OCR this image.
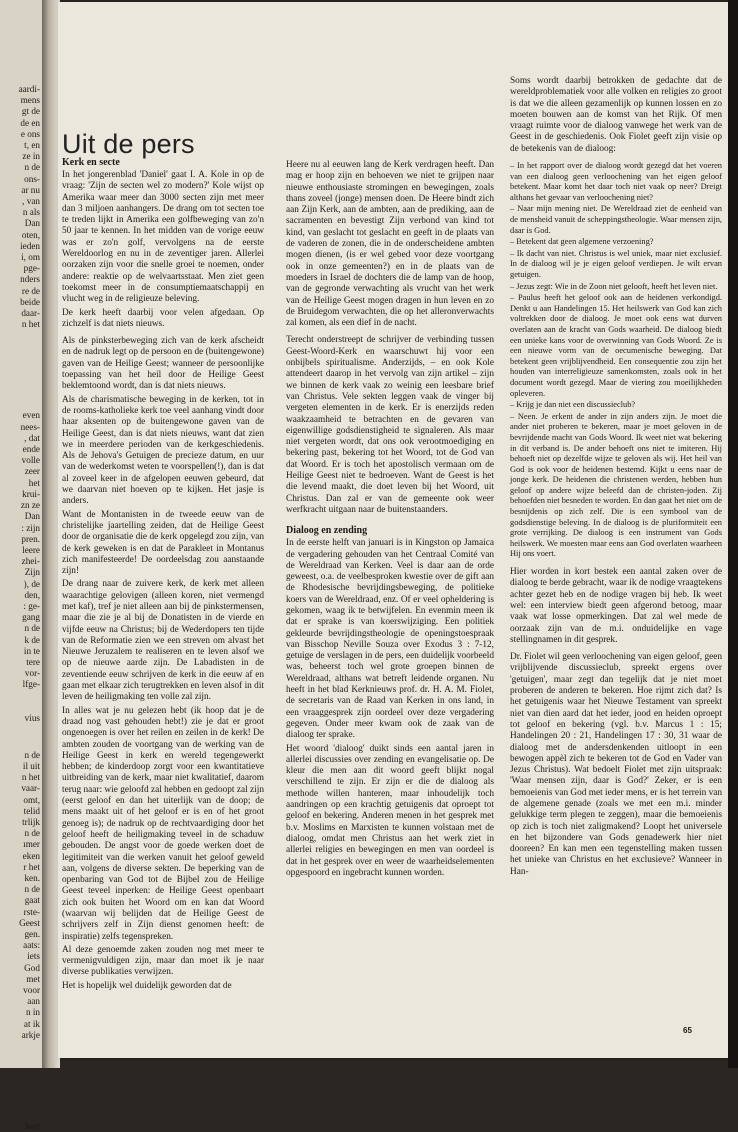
aardi-
mens
gt de
de en
e ons
t, en
ze in
n de
ons-
ar nu
, van
n als
Dan
oten,
ieden
i, om
pge-
nders
re de
beide
daar-
n het
even
nees-
, dat
ende
volle
zeer
het
krui-
zn ze
Dan
: zijn
pren.
leere
zhei-
Zijn
), de
den,
: ge-
gang
n de
k de
in te
tere
vor-
lfge-
vius
n de
il uit
n het
vaar-
omt,
telid
trlijk
n de
ımer
eken
r het
ken.
n de
gaat
rste-
Geest
gen.
aats:
iets
God
met
voor
aan
n in
at ik
arkje
3oer
Uit de pers
Kerk en secte

In het jongerenblad 'Daniel' gaat I. A. Kole in op de vraag: 'Zijn de secten wel zo modern?' Kole wijst op Amerika waar meer dan 3000 secten zijn met meer dan 3 miljoen aanhangers. De drang om tot secten toe te treden lijkt in Amerika een golfbeweging van zo'n 50 jaar te kennen. In het midden van de vorige eeuw was er zo'n golf, vervolgens na de eerste Wereldoorlog en nu in de zeventiger jaren. Allerlei oorzaken zijn voor die snelle groei te noemen, onder andere: reaktie op de welvaartsstaat. Men ziet geen toekomst meer in de consumptiemaatschappij en vlucht weg in de religieuze beleving.

De kerk heeft daarbij voor velen afgedaan. Op zichzelf is dat niets nieuws.

Als de pinksterbeweging zich van de kerk afscheidt en de nadruk legt op de persoon en de (buitengewone) gaven van de Heilige Geest; wanneer de persoonlijke toepassing van het heil door de Heilige Geest beklemtoond wordt, dan is dat niets nieuws.

Als de charismatische beweging in de kerken, tot in de rooms-katholieke kerk toe veel aanhang vindt door haar aksenten op de buitengewone gaven van de Heilige Geest, dan is dat niets nieuws, want dat zien we in meerdere perioden van de kerkgeschiedenis. Als de Jehova's Getuigen de precieze datum, en uur van de wederkomst weten te voorspellen(!), dan is dat al zoveel keer in de afgelopen eeuwen gebeurd, dat we daarvan niet hoeven op te kijken. Het jasje is anders.

Want de Montanisten in de tweede eeuw van de christelijke jaartelling zeiden, dat de Heilige Geest door de organisatie die de kerk opgelegd zou zijn, van de kerk geweken is en dat de Parakleet in Montanus zich manifesteerde! De oordeelsdag zou aanstaande zijn!

De drang naar de zuivere kerk, de kerk met alleen waarachtige gelovigen (alleen koren, niet vermengd met kaf), tref je niet alleen aan bij de pinkstermensen, maar die zie je al bij de Donatisten in de vierde en vijfde eeuw na Christus; bij de Wederdopers ten tijde van de Reformatie zien we een streven om alvast het Nieuwe Jeruzalem te realiseren en te leven alsof we op de nieuwe aarde zijn. De Labadisten in de zeventiende eeuw schrijven de kerk in die eeuw af en gaan met elkaar zich terugtrekken en leven alsof in dit leven de heiligmaking ten volle zal zijn.

In alles wat je nu gelezen hebt (ik hoop dat je de draad nog vast gehouden hebt!) zie je dat er groot ongenoegen is over het reilen en zeilen in de kerk! De ambten zouden de voortgang van de werking van de Heilige Geest in kerk en wereld tegengewerkt hebben; de kinderdoop zorgt voor een kwantitatieve uitbreiding van de kerk, maar niet kwalitatief, daarom terug naar: wie geloofd zal hebben en gedoopt zal zijn (eerst geloof en dan het uiterlijk van de doop; de mens maakt uit of het geloof er is en of het groot genoeg is); de nadruk op de rechtvaardiging door het geloof heeft de heiligmaking teveel in de schaduw gebouden. De angst voor de goede werken doet de legitimiteit van die werken vanuit het geloof geweld aan, volgens de diverse sekten. De beperking van de openbaring van God tot de Bijbel zou de Heilige Geest teveel inperken: de Heilige Geest openbaart zich ook buiten het Woord om en kan dat Woord (waarvan wij belijden dat de Heilige Geest de schrijvers zelf in Zijn dienst genomen heeft: de inspiratie) zelfs tegenspreken.

Al deze genoemde zaken zouden nog met meer te vermenigvuldigen zijn, maar dan moet ik je naar diverse publikaties verwijzen.

Het is hopelijk wel duidelijk geworden dat de

Heere nu al eeuwen lang de Kerk verdragen heeft. Dan mag er hoop zijn en behoeven we niet te grijpen naar nieuwe enthousiaste stromingen en bewegingen, zoals thans zoveel (jonge) mensen doen. De Heere bindt zich aan Zijn Kerk, aan de ambten, aan de prediking, aan de sacramenten en bevestigt Zijn verbond van kind tot kind, van geslacht tot geslacht en geeft in de plaats van de vaderen de zonen, die in de onderscheidene ambten mogen dienen, (is er wel gebed voor deze voortgang ook in onze gemeenten?) en in de plaats van de moeders in Israel de dochters die de lamp van de hoop, van de gegronde verwachting als vrucht van het werk van de Heilige Geest mogen dragen in hun leven en zo de Bruidegom verwachten, die op het alleronverwachts zal komen, als een dief in de nacht.

Terecht onderstreept de schrijver de verbinding tussen Geest-Woord-Kerk en waarschuwt hij voor een onbijbels spiritualisme. Anderzijds, – en ook Kole attendeert daarop in het vervolg van zijn artikel – zijn we binnen de kerk vaak zo weinig een leesbare brief van Christus. Vele sekten leggen vaak de vinger bij vergeten elementen in de kerk. Er is enerzijds reden waakzaamheid te betrachten en de gevaren van eigenwillige godsdienstigheid te signaleren. Als maar niet vergeten wordt, dat ons ook verootmoediging en bekering past, bekering tot het Woord, tot de God van dat Woord. Er is toch het apostolisch vermaan om de Heilige Geest niet te bedroeven. Want de Geest is het die levend maakt, die doet leven bij het Woord, uit Christus. Dan zal er van de gemeente ook weer werfkracht uitgaan naar de buitenstaanders.

Dialoog en zending

In de eerste helft van januari is in Kingston op Jamaica de vergadering gehouden van het Centraal Comité van de Wereldraad van Kerken. Veel is daar aan de orde geweest, o.a. de veelbesproken kwestie over de gift aan de Rhodesische bevrijdingsbeweging, de politieke koers van de Wereldraad, enz. Of er veel opheldering is gekomen, waag ik te betwijfelen. En evenmin meen ik dat er sprake is van koerswijziging. Een politiek gekleurde bevrijdingstheologie de openingstoespraak van Bisschop Neville Souza over Exodus 3 : 7-12, getuige de verslagen in de pers, een duidelijk voorbeeld was, beheerst toch wel grote groepen binnen de Wereldraad, althans wat betreft leidende organen. Nu heeft in het blad Kerknieuws prof. dr. H. A. M. Fiolet, de secretaris van de Raad van Kerken in ons land, in een vraaggesprek zijn oordeel over deze vergadering gegeven. Onder meer kwam ook de zaak van de dialoog ter sprake.

Het woord 'dialoog' duikt sinds een aantal jaren in allerlei discussies over zending en evangelisatie op. De kleur die men aan dit woord geeft blijkt nogal verschillend te zijn. Er zijn er die de dialoog als methode willen hanteren, maar inhoudelijk toch aandringen op een krachtig getuigenis dat oproept tot geloof en bekering. Anderen menen in het gesprek met b.v. Moslims en Marxisten te kunnen volstaan met de dialoog, omdat men Christus aan het werk ziet in allerlei religies en bewegingen en men van oordeel is dat in het gesprek over en weer de waarheidselementen opgespoord en ingebracht kunnen worden.

Soms wordt daarbij betrokken de gedachte dat de wereldproblematiek voor alle volken en religies zo groot is dat we die alleen gezamenlijk op kunnen lossen en zo moeten bouwen aan de komst van het Rijk. Of men vraagt ruimte voor de dialoog vanwege het werk van de Geest in de geschiedenis. Ook Fiolet geeft zijn visie op de betekenis van de dialoog:

– In het rapport over de dialoog wordt gezegd dat het voeren van een dialoog geen verloochening van het eigen geloof betekent. Maar komt het daar toch niet vaak op neer? Dreigt althans het gevaar van verloochening niet?

– Naar mijn mening niet. De Wereldraad ziet de eenheid van de mensheid vanuit de scheppingstheologie. Waar mensen zijn, daar is God.

– Betekent dat geen algemene verzoening?

– Ik dacht van niet. Christus is wel uniek, maar niet exclusief. In de dialoog wil je je eigen geloof verdiepen. Je wilt ervan getuigen.

– Jezus zegt: Wie in de Zoon niet gelooft, heeft het leven niet.

– Paulus heeft het geloof ook aan de heidenen verkondigd. Denkt u aan Handelingen 15. Het heilswerk van God kan zich voltrekken door de dialoog. Je moet ook eens wat durven overlaten aan de kracht van Gods waarheid. De dialoog biedt een unieke kans voor de overwinning van Gods Woord. Ze is een nieuwe vorm van de oecumenische beweging. Dat betekent geen vrijblijvendheid. Een consequentie zou zijn het houden van interreligieuze samenkomsten, zoals ook in het document wordt gezegd. Maar de viering zou moeilijkheden opleveren.

– Krijg je dan niet een discussieclub?

– Neen. Je erkent de ander in zijn anders zijn. Je moet die ander niet proberen te bekeren, maar je moet geloven in de bevrijdende macht van Gods Woord. Ik weet niet wat bekering in dit verband is. De ander behoeft ons niet te imiteren. Hij behoeft niet op dezelfde wijze te geloven als wij. Het heil van God is ook voor de heidenen bestemd. Kijkt u eens naar de jonge kerk. De heidenen die christenen werden, hebben hun geloof op andere wijze beleefd dan de christen-joden. Zij behoefden niet besneden te worden. En dan gaat het niet om de besnijdenis op zich zelf. Die is een symbool van de godsdienstige beleving. In de dialoog is de pluriformiteit een grote verrijking. De dialoog is een instrument van Gods heilswerk. We moesten maar eens aan God overlaten waarheen Hij ons voert.

Hier worden in kort bestek een aantal zaken over de dialoog te berde gebracht, waar ik de nodige vraagtekens achter gezet heb en de nodige vragen bij heb. Ik weet wel: een interview biedt geen afgerond betoog, maar vaak wat losse opmerkingen. Dat zal wel mede de oorzaak zijn van de m.i. onduidelijke en vage stellingnamen in dit gesprek.

Dr. Fiolet wil geen verloochening van eigen geloof, geen vrijblijvende discussieclub, spreekt ergens over 'getuigen', maar zegt dan tegelijk dat je niet moet proberen de anderen te bekeren. Hoe rijmt zich dat? Is het getuigenis waar het Nieuwe Testament van spreekt niet van dien aard dat het ieder, jood en heiden oproept tot geloof en bekering (vgl. b.v. Marcus 1 : 15; Handelingen 20 : 21, Handelingen 17 : 30, 31 waar de dialoog met de andersdenkenden uitloopt in een bewogen appèl zich te bekeren tot de God en Vader van Jezus Christus). Wat bedoelt Fiolet met zijn uitspraak: 'Waar mensen zijn, daar is God?' Zeker, er is een bemoeienis van God met ieder mens, er is het terrein van de algemene genade (zoals we met een m.i. minder gelukkige term plegen te zeggen), maar die bemoeienis op zich is toch niet zaligmakend? Loopt het universele en het bijzondere van Gods genadewerk hier niet dooreen? En kan men een tegenstelling maken tussen het unieke van Christus en het exclusieve? Wanneer in Han-

65
